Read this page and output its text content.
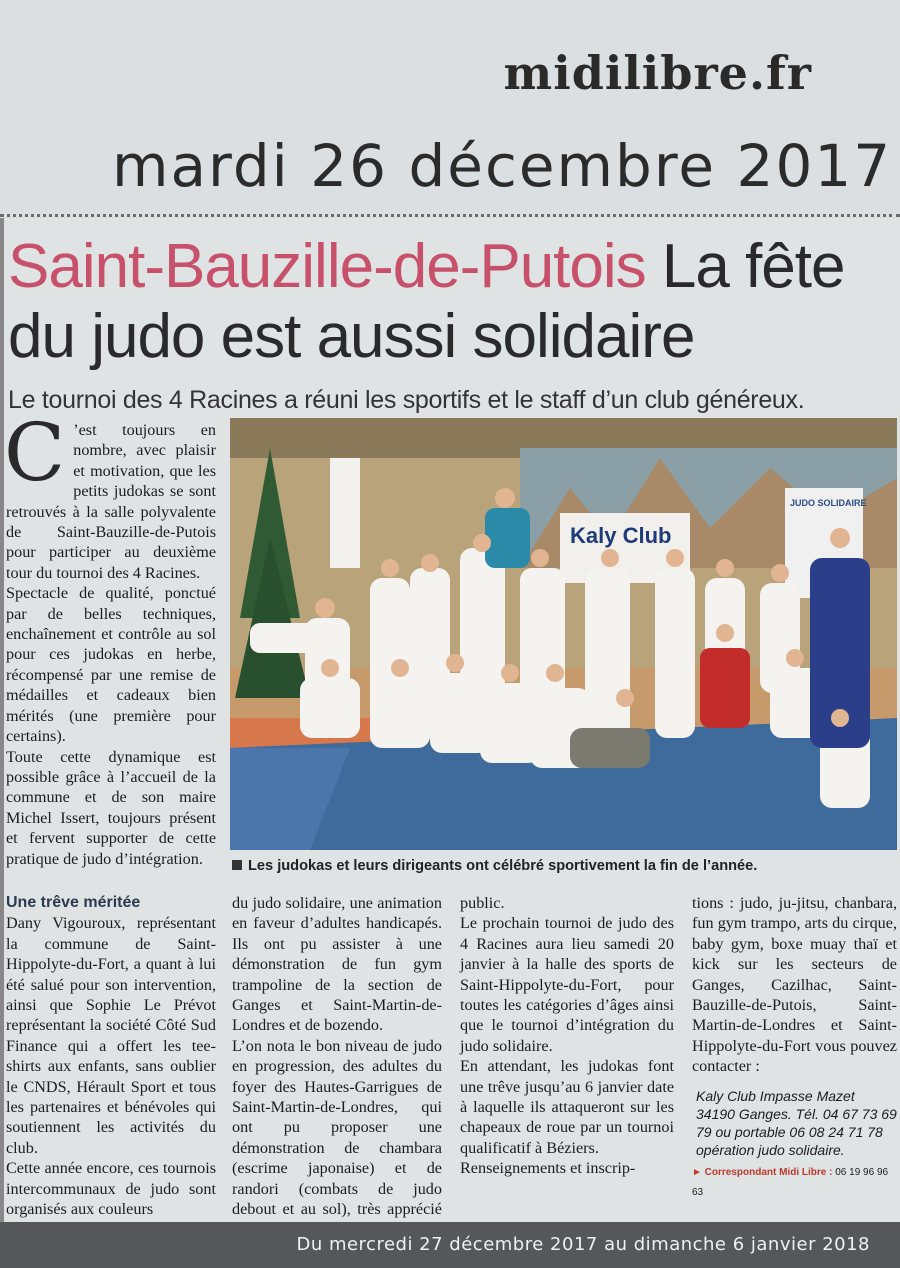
midilibre.fr
mardi 26 décembre 2017
Saint-Bauzille-de-Putois La fête du judo est aussi solidaire
Le tournoi des 4 Racines a réuni les sportifs et le staff d’un club généreux.

C ’est toujours en nombre, avec plaisir et motivation, que les petits judokas se sont retrouvés à la salle polyvalente de Saint-Bauzille-de-Putois pour participer au deuxième tour du tournoi des 4 Racines.

Spectacle de qualité, ponctué par de belles techniques, enchaînement et contrôle au sol pour ces judokas en herbe, récompensé par une remise de médailles et cadeaux bien mérités (une première pour certains).

Toute cette dynamique est possible grâce à l’accueil de la commune et de son maire Michel Issert, toujours présent et fervent supporter de cette pratique de judo d’intégration.

Une trêve méritée

Dany Vigouroux, représentant la commune de Saint-Hippolyte-du-Fort, a quant à lui été salué pour son intervention, ainsi que Sophie Le Prévot représentant la société Côté Sud Finance qui a offert les tee-shirts aux enfants, sans oublier le CNDS, Hérault Sport et tous les partenaires et bénévoles qui soutiennent les activités du club.

Cette année encore, ces tournois intercommunaux de judo sont organisés aux couleurs

Kaly Club
JUDO SOLIDAIRE
Les judokas et leurs dirigeants ont célébré sportivement la fin de l’année.

du judo solidaire, une animation en faveur d’adultes handicapés. Ils ont pu assister à une démonstration de fun gym trampoline de la section de Ganges et Saint-Martin-de-Londres et de bozendo.

L’on nota le bon niveau de judo en progression, des adultes du foyer des Hautes-Garrigues de Saint-Martin-de-Londres, qui ont pu proposer une démonstration de chambara (escrime japonaise) et de randori (combats de judo debout et au sol), très apprécié

public.

Le prochain tournoi de judo des 4 Racines aura lieu samedi 20 janvier à la halle des sports de Saint-Hippolyte-du-Fort, pour toutes les catégories d’âges ainsi que le tournoi d’intégration du judo solidaire.

En attendant, les judokas font une trêve jusqu’au 6 janvier date à laquelle ils attaqueront sur les chapeaux de roue par un tournoi qualificatif à Béziers.

Renseignements et inscrip-

tions : judo, ju-jitsu, chanbara, fun gym trampo, arts du cirque, baby gym, boxe muay thaï et kick sur les secteurs de Ganges, Cazilhac, Saint-Bauzille-de-Putois, Saint-Martin-de-Londres et Saint-Hippolyte-du-Fort vous pouvez contacter :

Kaly Club Impasse Mazet 34190 Ganges. Tél. 04 67 73 69 79 ou portable 06 08 24 71 78 opération judo solidaire.

► Correspondant Midi Libre : 06 19 96 96 63

Du mercredi 27 décembre 2017 au dimanche 6 janvier 2018
